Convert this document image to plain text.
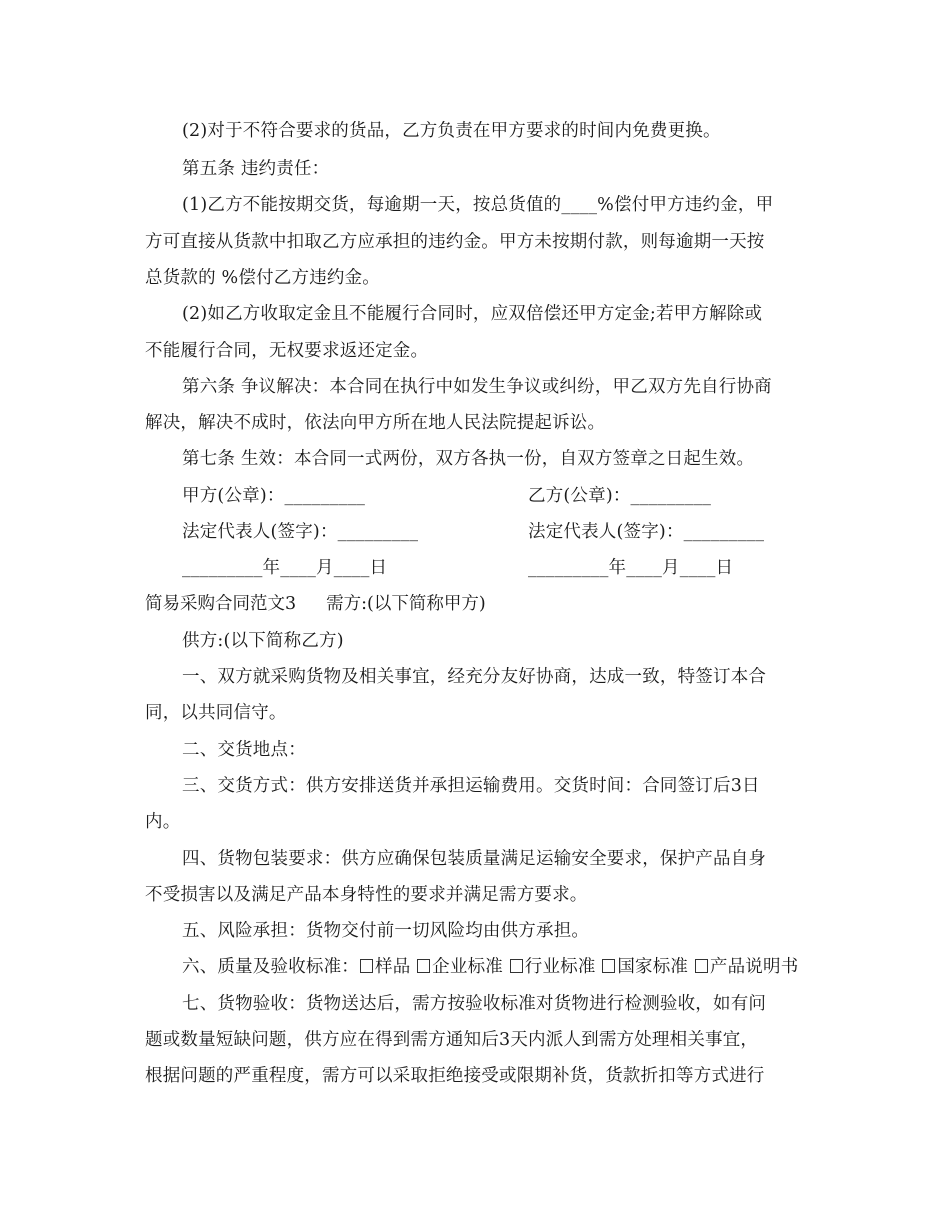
(2)对于不符合要求的货品，乙方负责在甲方要求的时间内免费更换。
第五条 违约责任：
(1)乙方不能按期交货，每逾期一天，按总货值的____%偿付甲方违约金，甲
方可直接从货款中扣取乙方应承担的违约金。甲方未按期付款，则每逾期一天按
总货款的 %偿付乙方违约金。
(2)如乙方收取定金且不能履行合同时，应双倍偿还甲方定金;若甲方解除或
不能履行合同，无权要求返还定金。
第六条 争议解决：本合同在执行中如发生争议或纠纷，甲乙双方先自行协商
解决，解决不成时，依法向甲方所在地人民法院提起诉讼。
第七条 生效：本合同一式两份，双方各执一份，自双方签章之日起生效。
甲方(公章)：_________	乙方(公章)：_________
法定代表人(签字)：_________	法定代表人(签字)：_________
_________年____月____日	_________年____月____日
简易采购合同范文3 需方:(以下简称甲方)
供方:(以下简称乙方)
一、双方就采购货物及相关事宜，经充分友好协商，达成一致，特签订本合
同，以共同信守。
二、交货地点：
三、交货方式：供方安排送货并承担运输费用。交货时间：合同签订后3日
内。
四、货物包装要求：供方应确保包装质量满足运输安全要求，保护产品自身
不受损害以及满足产品本身特性的要求并满足需方要求。
五、风险承担：货物交付前一切风险均由供方承担。
六、质量及验收标准： 样品 企业标准 行业标准 国家标准 产品说明书
七、货物验收：货物送达后，需方按验收标准对货物进行检测验收，如有问
题或数量短缺问题，供方应在得到需方通知后3天内派人到需方处理相关事宜，
根据问题的严重程度，需方可以采取拒绝接受或限期补货，货款折扣等方式进行
